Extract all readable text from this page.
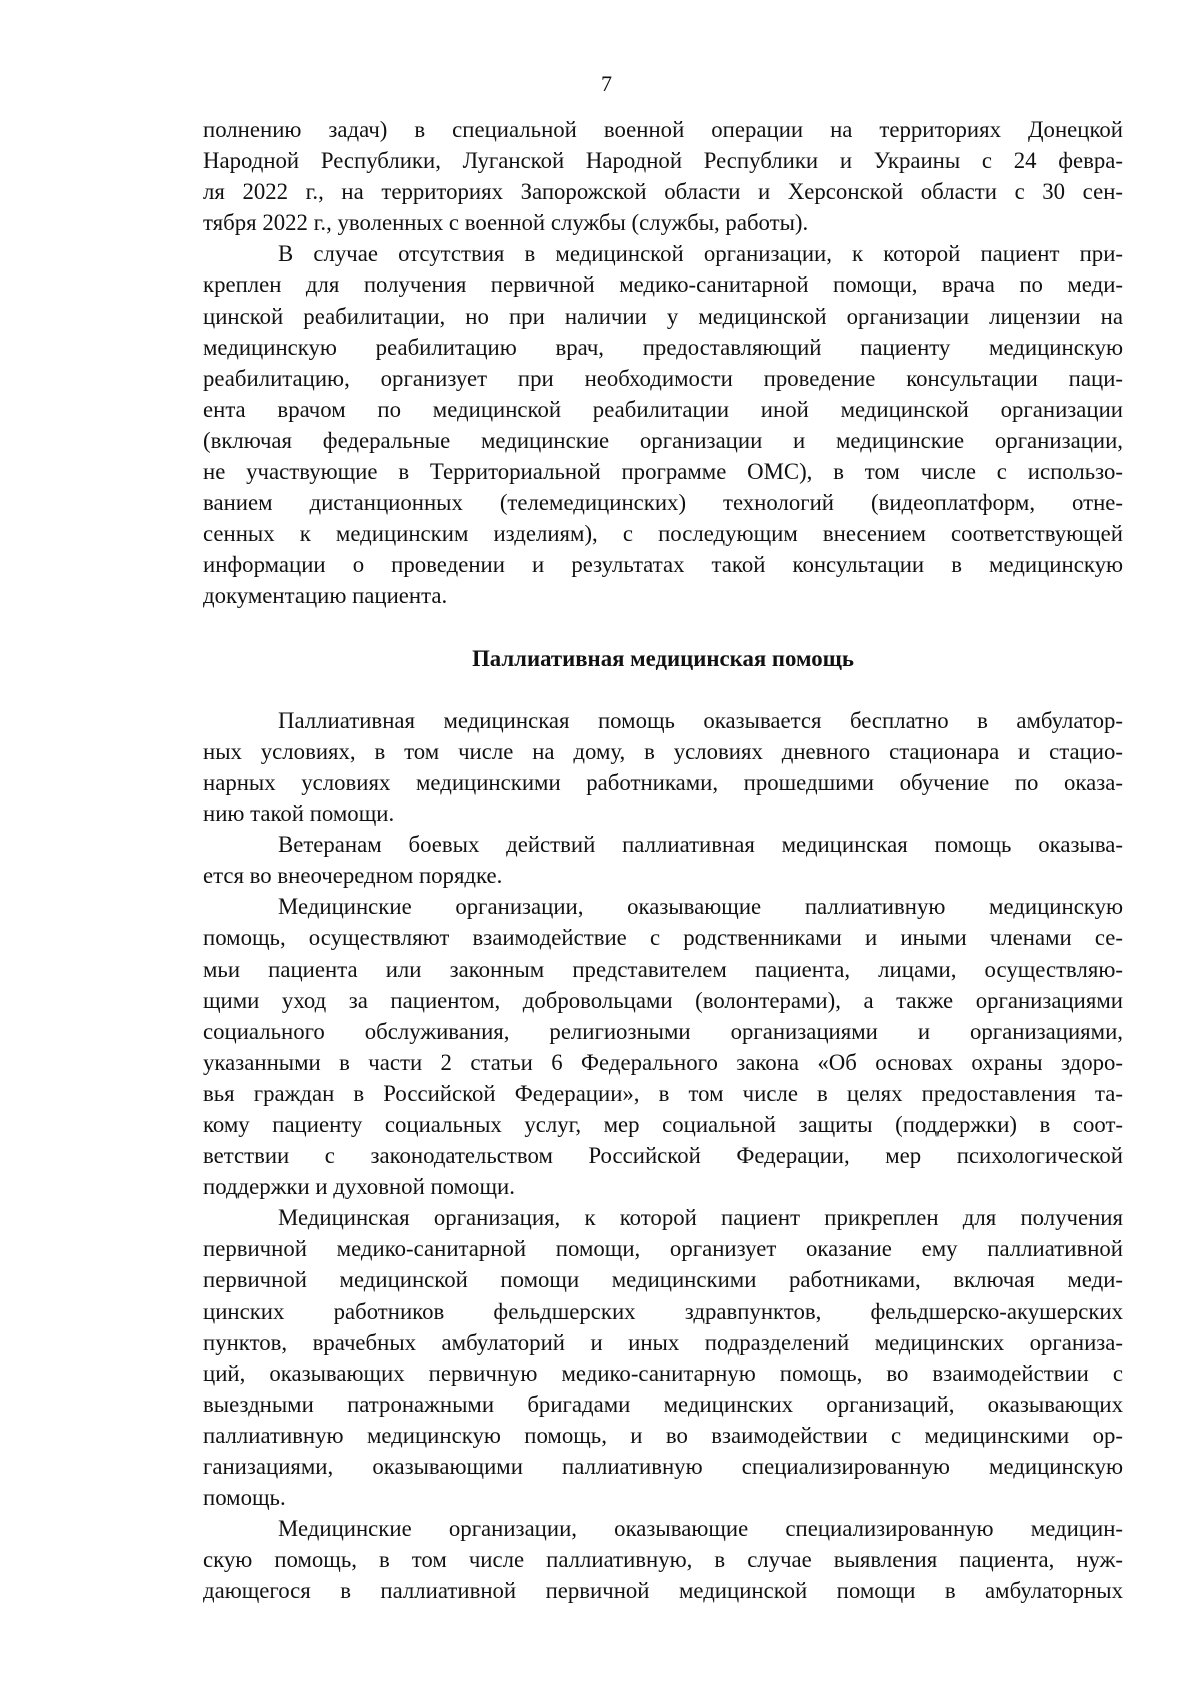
7
полнению задач) в специальной военной операции на территориях Донецкой
Народной Республики, Луганской Народной Республики и Украины с 24 февра-
ля 2022 г., на территориях Запорожской области и Херсонской области с 30 сен-
тября 2022 г., уволенных с военной службы (службы, работы).
В случае отсутствия в медицинской организации, к которой пациент при-
креплен для получения первичной медико-санитарной помощи, врача по меди-
цинской реабилитации, но при наличии у медицинской организации лицензии на
медицинскую реабилитацию врач, предоставляющий пациенту медицинскую
реабилитацию, организует при необходимости проведение консультации паци-
ента врачом по медицинской реабилитации иной медицинской организации
(включая федеральные медицинские организации и медицинские организации,
не участвующие в Территориальной программе ОМС), в том числе с использо-
ванием дистанционных (телемедицинских) технологий (видеоплатформ, отне-
сенных к медицинским изделиям), с последующим внесением соответствующей
информации о проведении и результатах такой консультации в медицинскую
документацию пациента.
Паллиативная медицинская помощь
Паллиативная медицинская помощь оказывается бесплатно в амбулатор-
ных условиях, в том числе на дому, в условиях дневного стационара и стацио-
нарных условиях медицинскими работниками, прошедшими обучение по оказа-
нию такой помощи.
Ветеранам боевых действий паллиативная медицинская помощь оказыва-
ется во внеочередном порядке.
Медицинские организации, оказывающие паллиативную медицинскую
помощь, осуществляют взаимодействие с родственниками и иными членами се-
мьи пациента или законным представителем пациента, лицами, осуществляю-
щими уход за пациентом, добровольцами (волонтерами), а также организациями
социального обслуживания, религиозными организациями и организациями,
указанными в части 2 статьи 6 Федерального закона «Об основах охраны здоро-
вья граждан в Российской Федерации», в том числе в целях предоставления та-
кому пациенту социальных услуг, мер социальной защиты (поддержки) в соот-
ветствии с законодательством Российской Федерации, мер психологической
поддержки и духовной помощи.
Медицинская организация, к которой пациент прикреплен для получения
первичной медико-санитарной помощи, организует оказание ему паллиативной
первичной медицинской помощи медицинскими работниками, включая меди-
цинских работников фельдшерских здравпунктов, фельдшерско-акушерских
пунктов, врачебных амбулаторий и иных подразделений медицинских организа-
ций, оказывающих первичную медико-санитарную помощь, во взаимодействии с
выездными патронажными бригадами медицинских организаций, оказывающих
паллиативную медицинскую помощь, и во взаимодействии с медицинскими ор-
ганизациями, оказывающими паллиативную специализированную медицинскую
помощь.
Медицинские организации, оказывающие специализированную медицин-
скую помощь, в том числе паллиативную, в случае выявления пациента, нуж-
дающегося в паллиативной первичной медицинской помощи в амбулаторных
